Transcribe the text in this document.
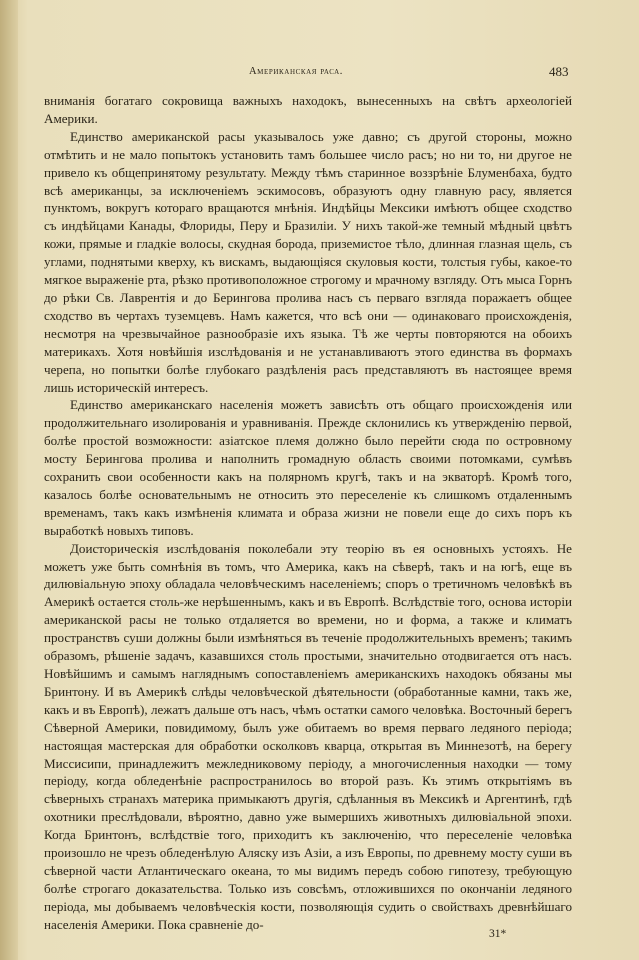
Американская раса.	483

вниманія богатаго сокровища важныхъ находокъ, вынесенныхъ на свѣтъ археологіей Америки.

Единство американской расы указывалось уже давно; съ другой стороны, можно отмѣтить и не мало попытокъ установить тамъ большее число расъ; но ни то, ни другое не привело къ общепринятому результату. Между тѣмъ старинное воззрѣніе Блуменбаха, будто всѣ американцы, за исключеніемъ эскимосовъ, образуютъ одну главную расу, является пунктомъ, вокругъ котораго вращаются мнѣнія. Индѣйцы Мексики имѣютъ общее сходство съ индѣйцами Канады, Флориды, Перу и Бразиліи. У нихъ такой-же темный мѣдный цвѣтъ кожи, прямые и гладкіе волосы, скудная борода, приземистое тѣло, длинная глазная щель, съ углами, поднятыми кверху, къ вискамъ, выдающіяся скуловыя кости, толстыя губы, какое-то мягкое выраженіе рта, рѣзко противоположное строгому и мрачному взгляду. Отъ мыса Горнъ до рѣки Св. Лаврентія и до Берингова пролива насъ съ перваго взгляда поражаетъ общее сходство въ чертахъ туземцевъ. Намъ кажется, что всѣ они — одинаковаго происхожденія, несмотря на чрезвычайное разнообразіе ихъ языка. Тѣ же черты повторяются на обоихъ материкахъ. Хотя новѣйшія изслѣдованія и не устанавливаютъ этого единства въ формахъ черепа, но попытки болѣе глубокаго раздѣленія расъ представляютъ въ настоящее время лишь историческій интересъ.

Единство американскаго населенія можетъ зависѣть отъ общаго происхожденія или продолжительнаго изолированія и уравниванія. Прежде склонились къ утвержденію первой, болѣе простой возможности: азіатское племя должно было перейти сюда по островному мосту Берингова пролива и наполнить громадную область своими потомками, сумѣвъ сохранить свои особенности какъ на полярномъ кругѣ, такъ и на экваторѣ. Кромѣ того, казалось болѣе основательнымъ не относить это переселеніе къ слишкомъ отдаленнымъ временамъ, такъ какъ измѣненія климата и образа жизни не повели еще до сихъ поръ къ выработкѣ новыхъ типовъ.

Доисторическія изслѣдованія поколебали эту теорію въ ея основныхъ устояхъ. Не можетъ уже быть сомнѣнія въ томъ, что Америка, какъ на сѣверѣ, такъ и на югѣ, еще въ дилювіальную эпоху обладала человѣческимъ населеніемъ; споръ о третичномъ человѣкѣ въ Америкѣ остается столь-же нерѣшеннымъ, какъ и въ Европѣ. Вслѣдствіе того, основа исторіи американской расы не только отдаляется во времени, но и форма, а также и климатъ пространствъ суши должны были измѣняться въ теченіе продолжительныхъ временъ; такимъ образомъ, рѣшеніе задачъ, казавшихся столь простыми, значительно отодвигается отъ насъ. Новѣйшимъ и самымъ нагляднымъ сопоставленіемъ американскихъ находокъ обязаны мы Бринтону. И въ Америкѣ слѣды человѣческой дѣятельности (обработанные камни, такъ же, какъ и въ Европѣ), лежатъ дальше отъ насъ, чѣмъ остатки самого человѣка. Восточный берегъ Сѣверной Америки, повидимому, былъ уже обитаемъ во время перваго ледяного періода; настоящая мастерская для обработки осколковъ кварца, открытая въ Миннезотѣ, на берегу Миссисипи, принадлежитъ межледниковому періоду, а многочисленныя находки — тому періоду, когда обледенѣніе распространилось во второй разъ. Къ этимъ открытіямъ въ сѣверныхъ странахъ материка примыкаютъ другія, сдѣланныя въ Мексикѣ и Аргентинѣ, гдѣ охотники преслѣдовали, вѣроятно, давно уже вымершихъ животныхъ дилювіальной эпохи. Когда Бринтонъ, вслѣдствіе того, приходитъ къ заключенію, что переселеніе человѣка произошло не чрезъ обледенѣлую Аляску изъ Азіи, а изъ Европы, по древнему мосту суши въ сѣверной части Атлантическаго океана, то мы видимъ передъ собою гипотезу, требующую болѣе строгаго доказательства. Только изъ совсѣмъ, отложившихся по окончаніи ледяного періода, мы добываемъ человѣческія кости, позволяющія судить о свойствахъ древнѣйшаго населенія Америки. Пока сравненіе до-

31*
